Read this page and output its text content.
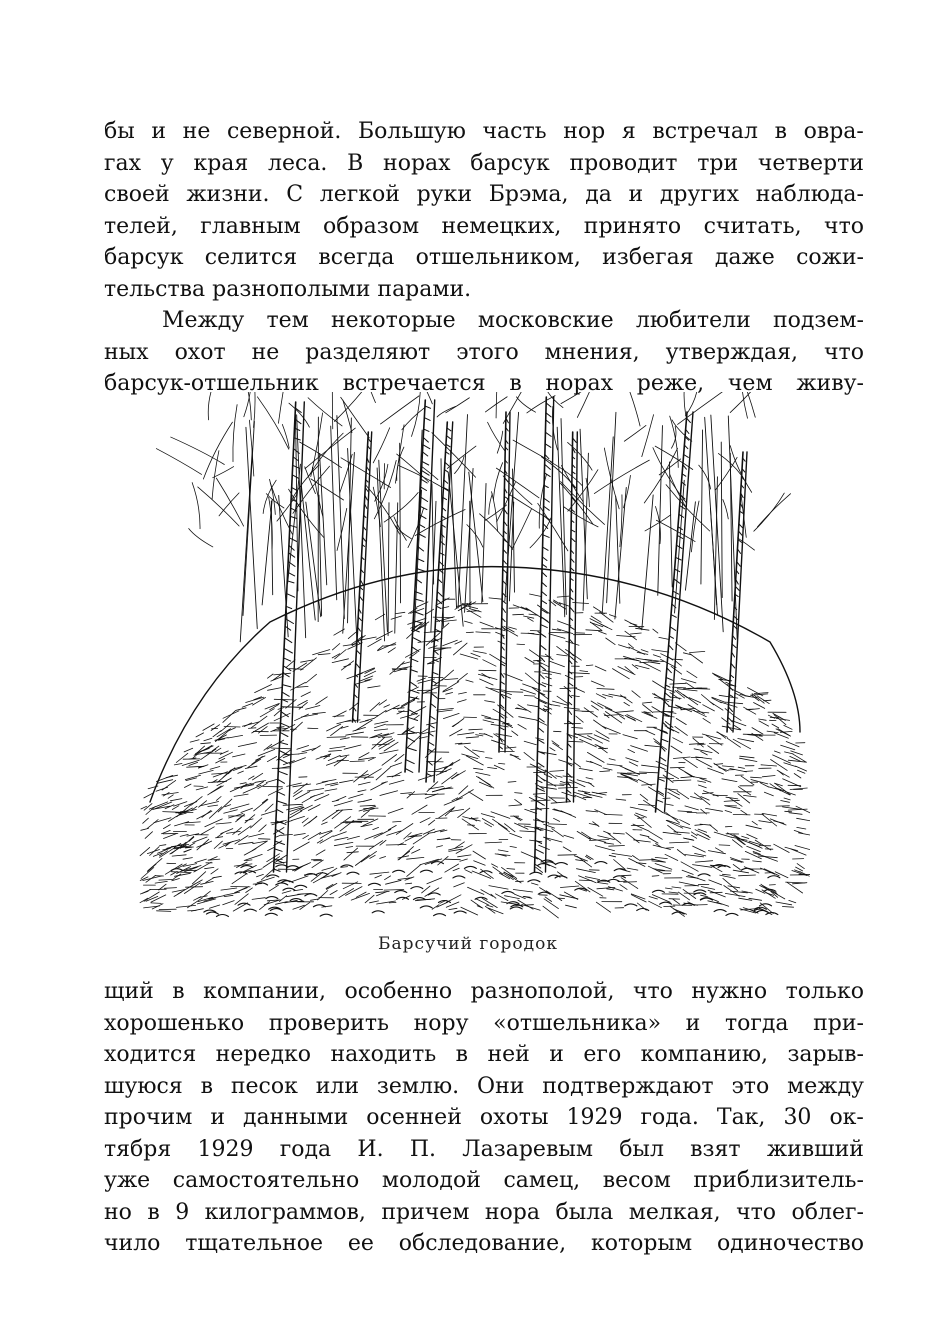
бы и не северной. Большую часть нор я встречал в овра-
гах у края леса. В норах барсук проводит три четверти
своей жизни. С легкой руки Брэма, да и других наблюда-
телей, главным образом немецких, принято считать, что
барсук селится всегда отшельником, избегая даже сожи-
тельства разнополыми парами.
Между тем некоторые московские любители подзем-
ных охот не разделяют этого мнения, утверждая, что
барсук-отшельник встречается в норах реже, чем живу-
Барсучий городок
щий в компании, особенно разнополой, что нужно только
хорошенько проверить нору «отшельника» и тогда при-
ходится нередко находить в ней и его компанию, зарыв-
шуюся в песок или землю. Они подтверждают это между
прочим и данными осенней охоты 1929 года. Так, 30 ок-
тября 1929 года И. П. Лазаревым был взят живший
уже самостоятельно молодой самец, весом приблизитель-
но в 9 килограммов, причем нора была мелкая, что облег-
чило тщательное ее обследование, которым одиночество
